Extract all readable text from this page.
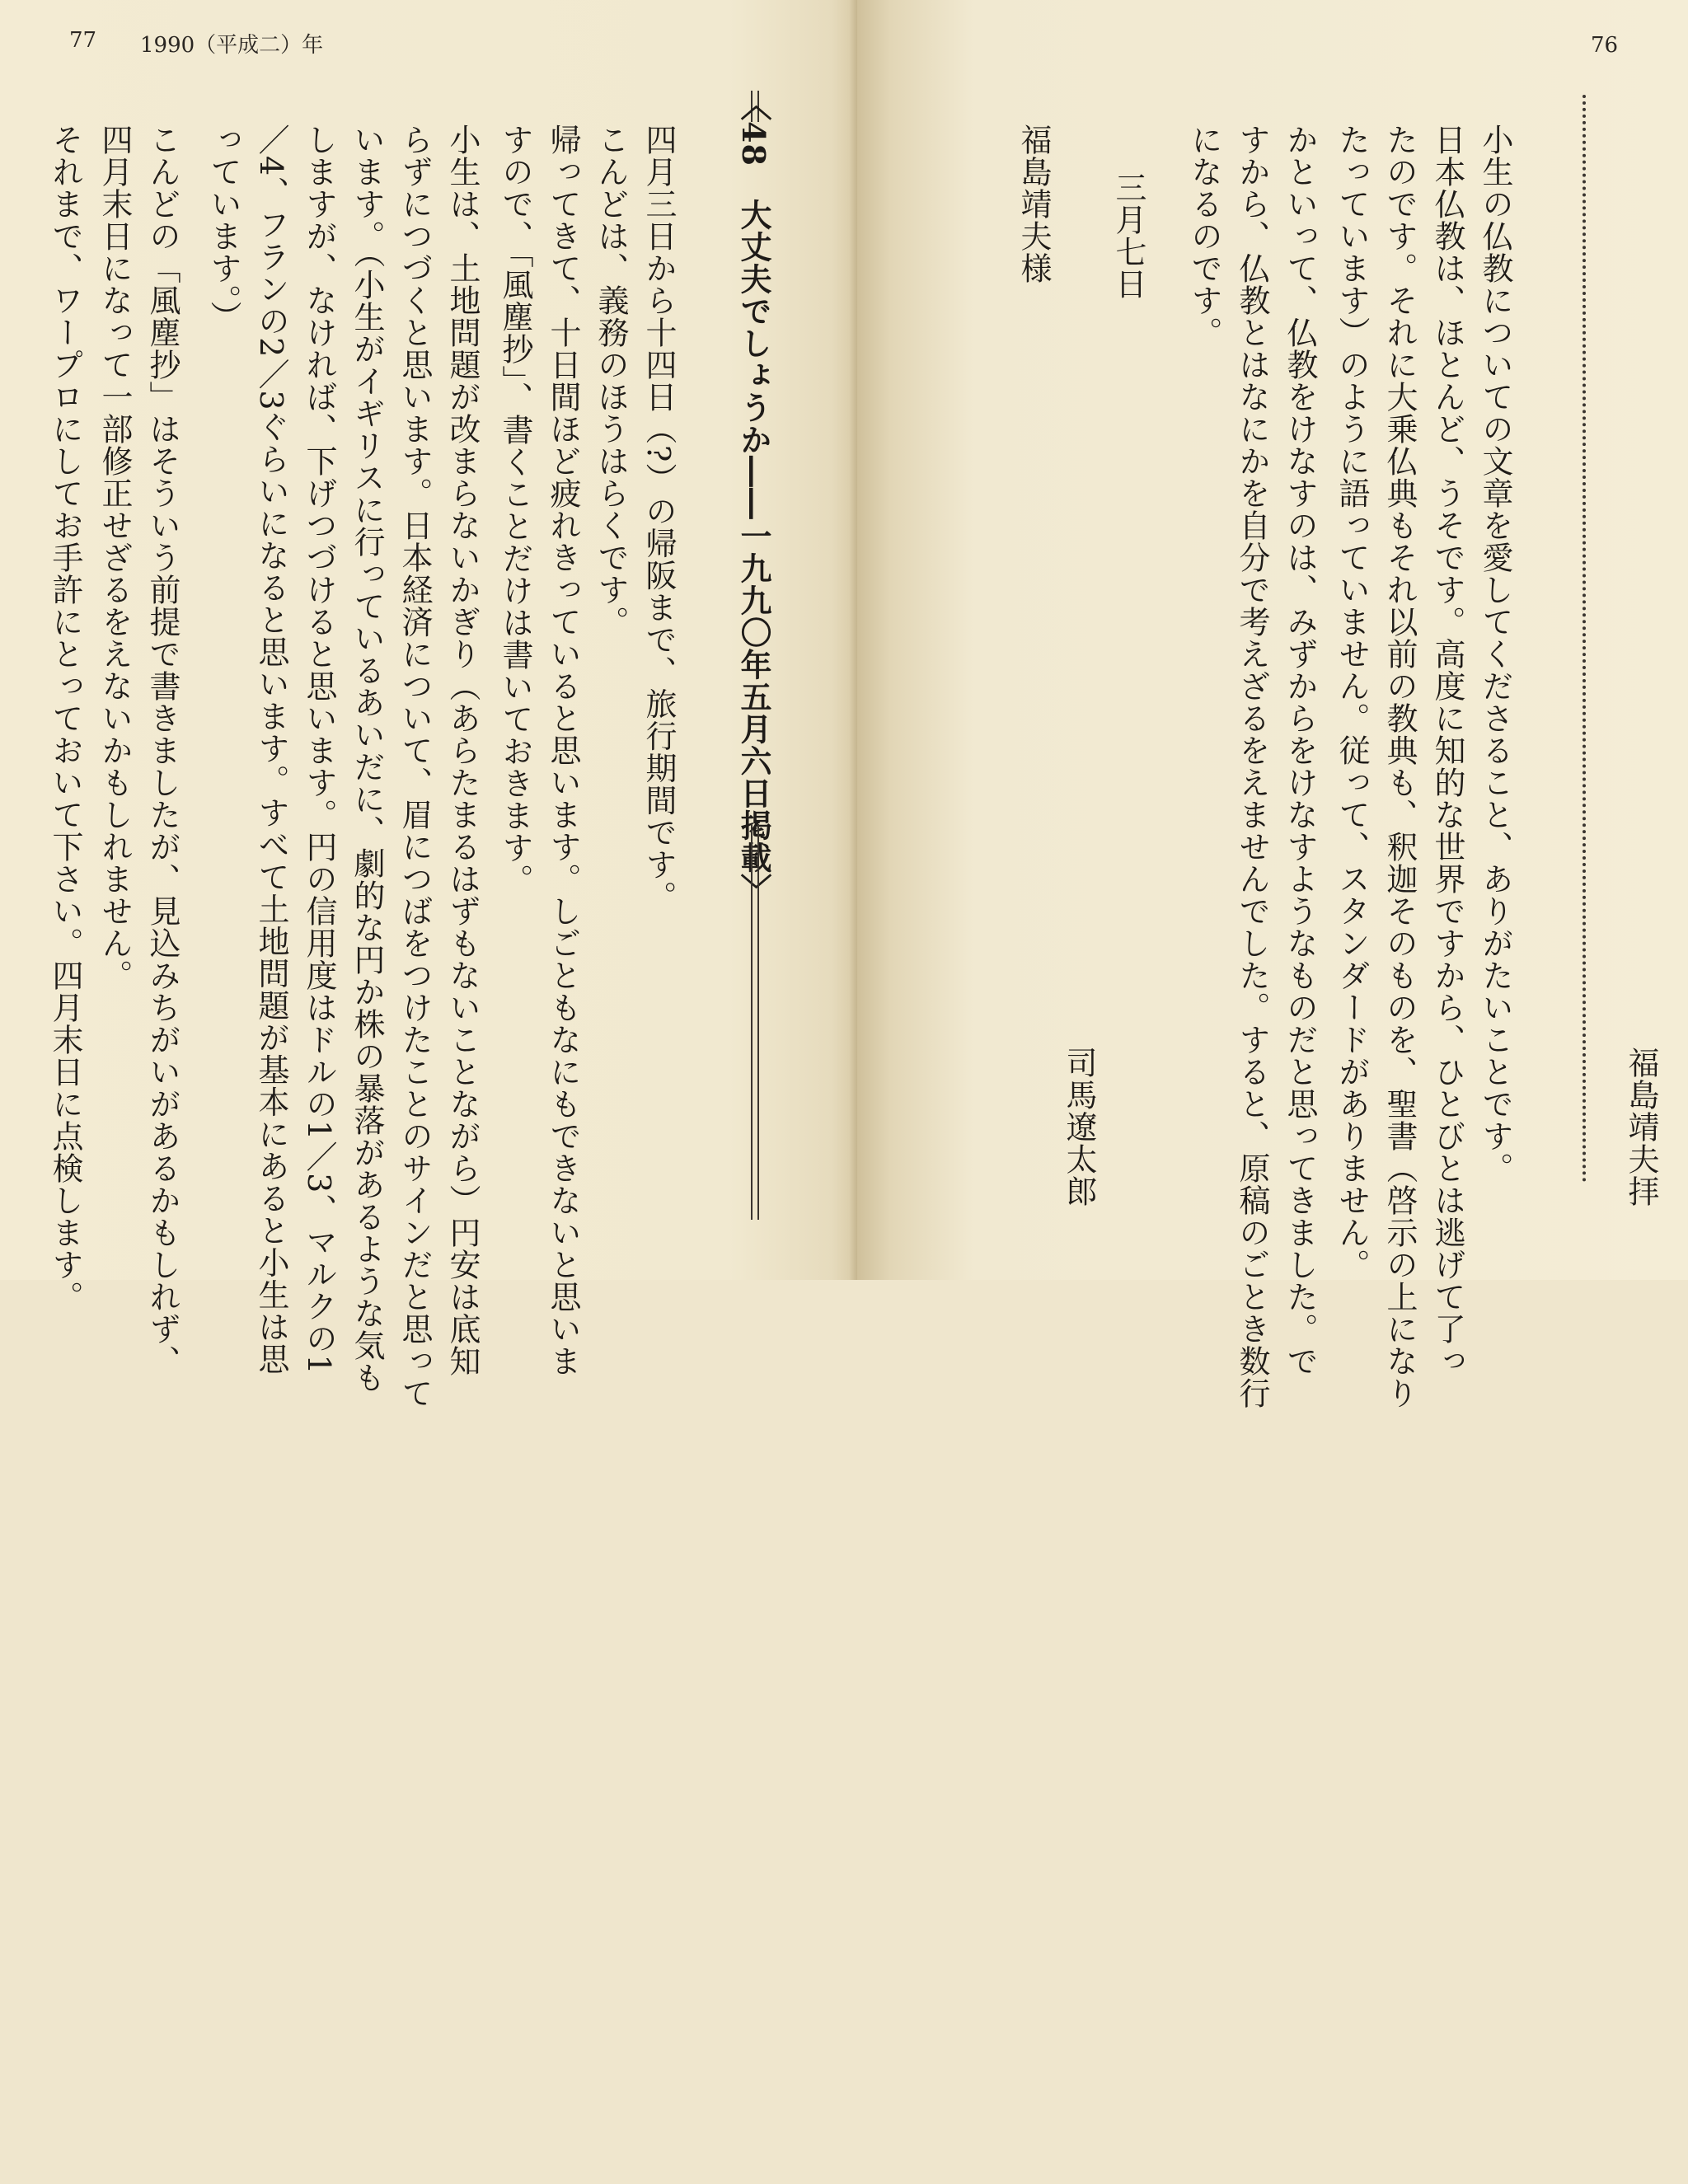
77 1990（平成二）年
〈48　大丈夫でしょうか――一九九〇年五月六日掲載〉
四月三日から十四日（?）の帰阪まで、旅行期間です。
こんどは、義務のほうはらくです。
帰ってきて、十日間ほど疲れきっていると思います。しごともなにもできないと思いま
すので、「風塵抄」、書くことだけは書いておきます。
小生は、土地問題が改まらないかぎり（あらたまるはずもないことながら）円安は底知
らずにつづくと思います。日本経済について、眉につばをつけたことのサインだと思って
います。（小生がイギリスに行っているあいだに、劇的な円か株の暴落があるような気も
しますが、なければ、下げつづけると思います。円の信用度はドルの1／3、マルクの1
／4、フランの2／3ぐらいになると思います。すべて土地問題が基本にあると小生は思
っています。）
こんどの「風塵抄」はそういう前提で書きましたが、見込みちがいがあるかもしれず、
四月末日になって一部修正せざるをえないかもしれません。
それまで、ワープロにしてお手許にとっておいて下さい。四月末日に点検します。
76
福島靖夫拝
小生の仏教についての文章を愛してくださること、ありがたいことです。
日本仏教は、ほとんど、うそです。高度に知的な世界ですから、ひとびとは逃げて了っ
たのです。それに大乗仏典もそれ以前の教典も、釈迦そのものを、聖書（啓示の上になり
たっています）のように語っていません。従って、スタンダードがありません。
かといって、仏教をけなすのは、みずからをけなすようなものだと思ってきました。で
すから、仏教とはなにかを自分で考えざるをえませんでした。すると、原稿のごとき数行
になるのです。
三月七日
司馬遼太郎
福島靖夫様
